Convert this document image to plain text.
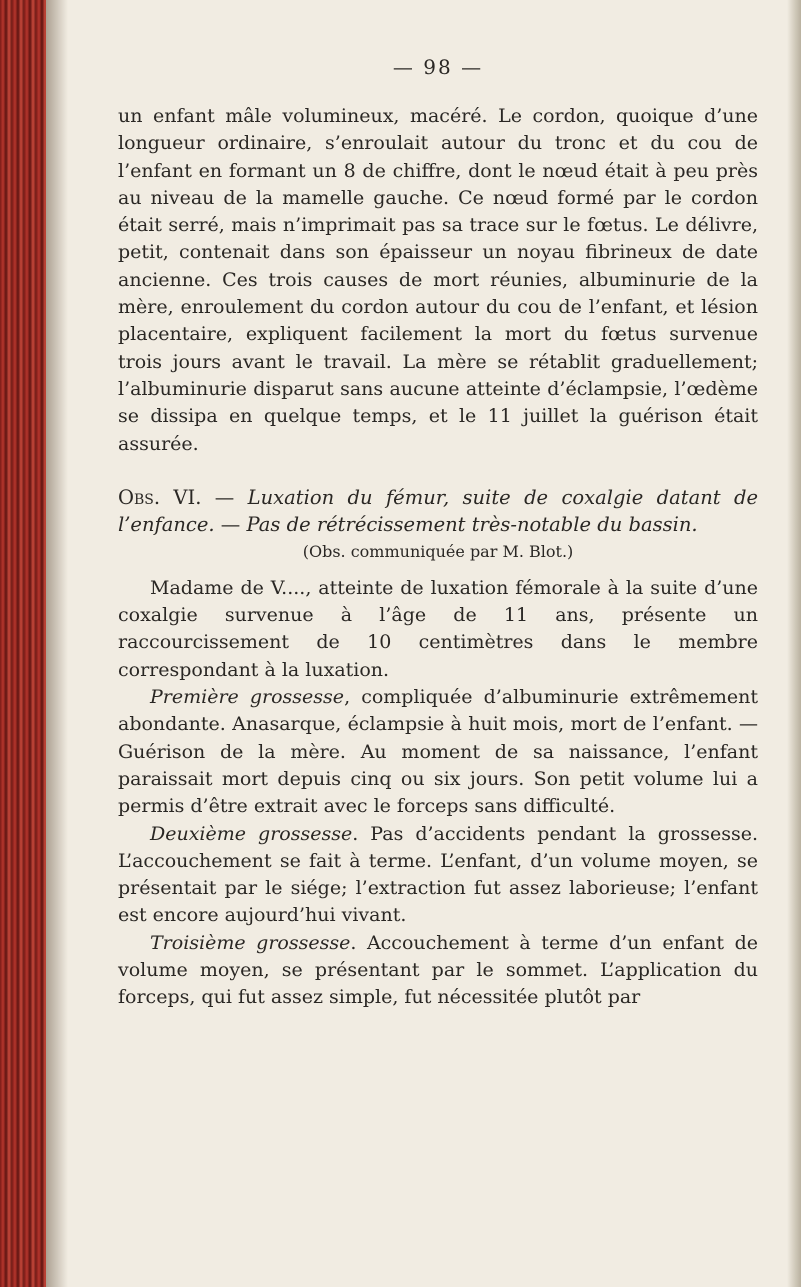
— 98 —

un enfant mâle volumineux, macéré. Le cordon, quoique d’une longueur ordinaire, s’enroulait autour du tronc et du cou de l’enfant en formant un 8 de chiffre, dont le nœud était à peu près au niveau de la mamelle gauche. Ce nœud formé par le cordon était serré, mais n’imprimait pas sa trace sur le fœtus. Le délivre, petit, contenait dans son épaisseur un noyau fibrineux de date ancienne. Ces trois causes de mort réunies, albuminurie de la mère, enroulement du cordon autour du cou de l’enfant, et lésion placentaire, expliquent facilement la mort du fœtus survenue trois jours avant le travail. La mère se rétablit graduellement; l’albuminurie disparut sans aucune atteinte d’éclampsie, l’œdème se dissipa en quelque temps, et le 11 juillet la guérison était assurée.

Obs. VI. — Luxation du fémur, suite de coxalgie datant de l’enfance. — Pas de rétrécissement très-notable du bassin.

(Obs. communiquée par M. Blot.)

Madame de V...., atteinte de luxation fémorale à la suite d’une coxalgie survenue à l’âge de 11 ans, présente un raccourcissement de 10 centimètres dans le membre correspondant à la luxation.

Première grossesse, compliquée d’albuminurie extrêmement abondante. Anasarque, éclampsie à huit mois, mort de l’enfant. — Guérison de la mère. Au moment de sa naissance, l’enfant paraissait mort depuis cinq ou six jours. Son petit volume lui a permis d’être extrait avec le forceps sans difficulté.

Deuxième grossesse. Pas d’accidents pendant la grossesse. L’accouchement se fait à terme. L’enfant, d’un volume moyen, se présentait par le siége; l’extraction fut assez laborieuse; l’enfant est encore aujourd’hui vivant.

Troisième grossesse. Accouchement à terme d’un enfant de volume moyen, se présentant par le sommet. L’application du forceps, qui fut assez simple, fut nécessitée plutôt par
